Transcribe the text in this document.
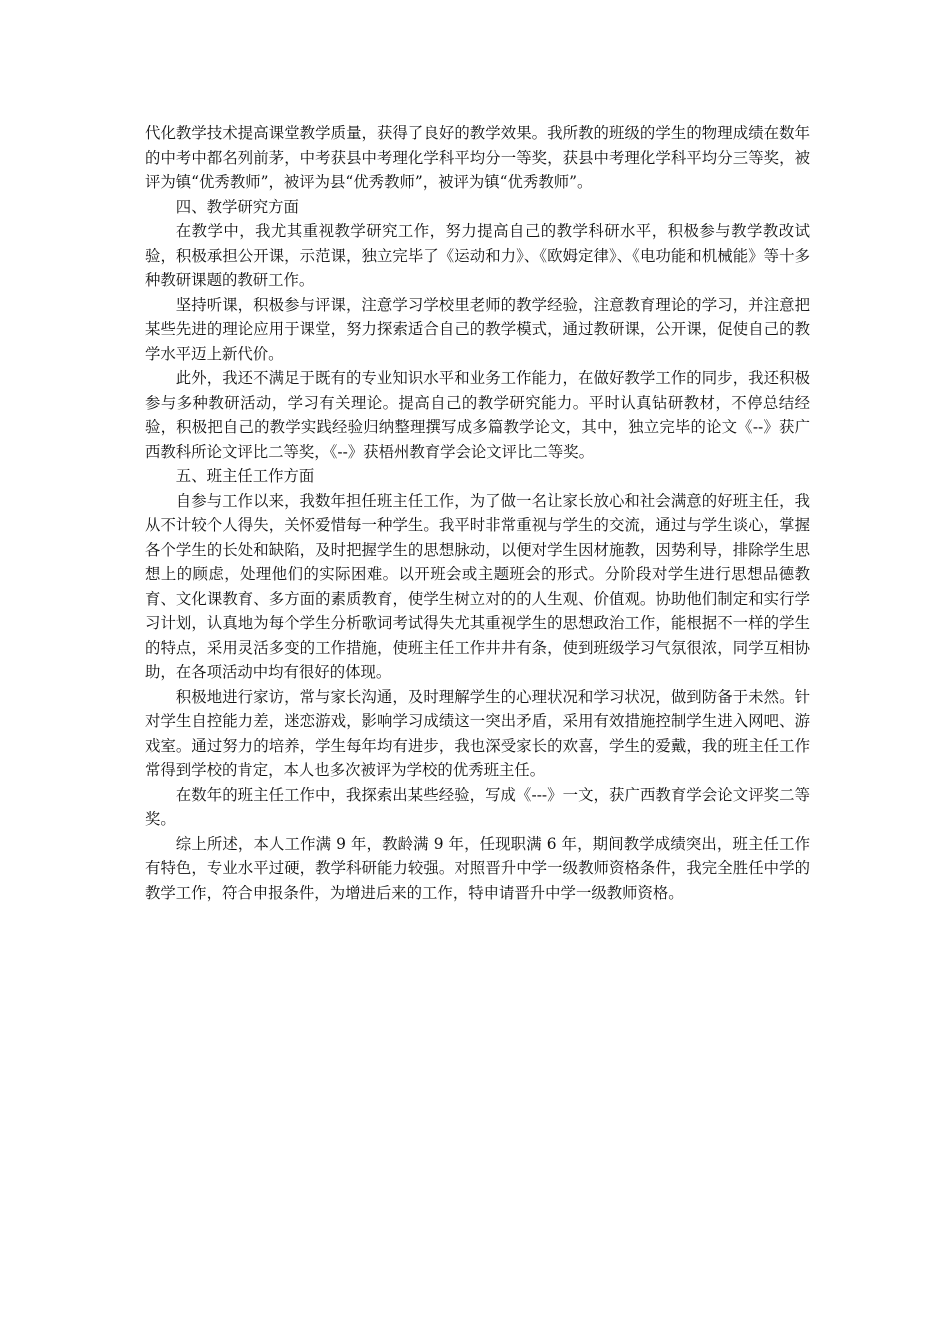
代化教学技术提高课堂教学质量，获得了良好的教学效果。我所教的班级的学生的物理成绩在数年的中考中都名列前茅，中考获县中考理化学科平均分一等奖，获县中考理化学科平均分三等奖，被评为镇“优秀教师”，被评为县“优秀教师”，被评为镇“优秀教师”。

四、教学研究方面

在教学中，我尤其重视教学研究工作，努力提高自己的教学科研水平，积极参与教学教改试验，积极承担公开课，示范课，独立完毕了《运动和力》、《欧姆定律》、《电功能和机械能》等十多种教研课题的教研工作。

坚持听课，积极参与评课，注意学习学校里老师的教学经验，注意教育理论的学习，并注意把某些先进的理论应用于课堂，努力探索适合自己的教学模式，通过教研课，公开课，促使自己的教学水平迈上新代价。

此外，我还不满足于既有的专业知识水平和业务工作能力，在做好教学工作的同步，我还积极参与多种教研活动，学习有关理论。提高自己的教学研究能力。平时认真钻研教材，不停总结经验，积极把自己的教学实践经验归纳整理撰写成多篇教学论文，其中，独立完毕的论文《--》获广西教科所论文评比二等奖，《--》获梧州教育学会论文评比二等奖。

五、班主任工作方面

自参与工作以来，我数年担任班主任工作，为了做一名让家长放心和社会满意的好班主任，我从不计较个人得失，关怀爱惜每一种学生。我平时非常重视与学生的交流，通过与学生谈心，掌握各个学生的长处和缺陷，及时把握学生的思想脉动，以便对学生因材施教，因势利导，排除学生思想上的顾虑，处理他们的实际困难。以开班会或主题班会的形式。分阶段对学生进行思想品德教育、文化课教育、多方面的素质教育，使学生树立对的的人生观、价值观。协助他们制定和实行学习计划，认真地为每个学生分析歌词考试得失尤其重视学生的思想政治工作，能根据不一样的学生的特点，采用灵活多变的工作措施，使班主任工作井井有条，使到班级学习气氛很浓，同学互相协助，在各项活动中均有很好的体现。

积极地进行家访，常与家长沟通，及时理解学生的心理状况和学习状况，做到防备于未然。针对学生自控能力差，迷恋游戏，影响学习成绩这一突出矛盾，采用有效措施控制学生进入网吧、游戏室。通过努力的培养，学生每年均有进步，我也深受家长的欢喜，学生的爱戴，我的班主任工作常得到学校的肯定，本人也多次被评为学校的优秀班主任。

在数年的班主任工作中，我探索出某些经验，写成《---》一文，获广西教育学会论文评奖二等奖。

综上所述，本人工作满 9 年，教龄满 9 年，任现职满 6 年，期间教学成绩突出，班主任工作有特色，专业水平过硬，教学科研能力较强。对照晋升中学一级教师资格条件，我完全胜任中学的教学工作，符合申报条件，为增进后来的工作，特申请晋升中学一级教师资格。
